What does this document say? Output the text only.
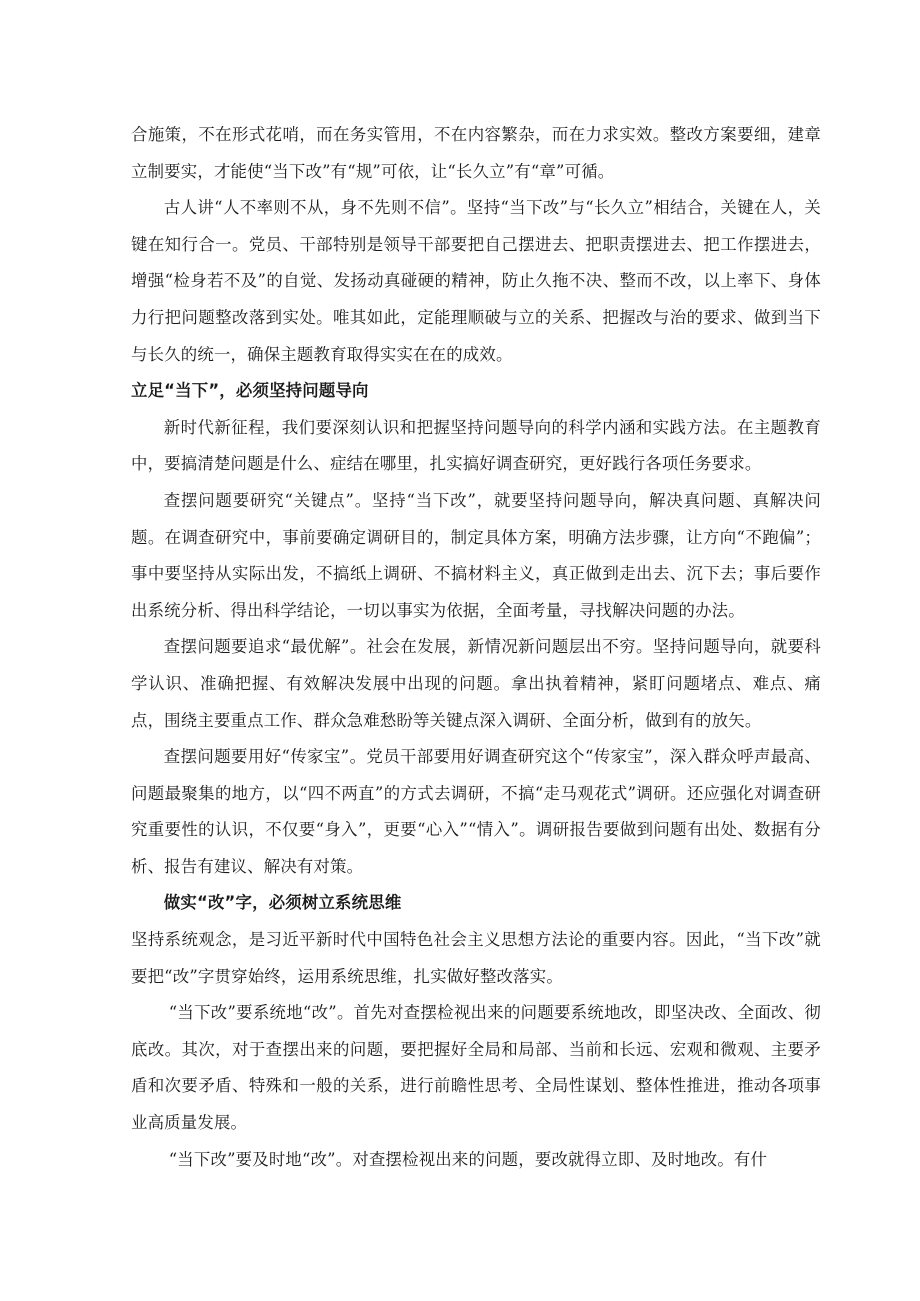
合施策，不在形式花哨，而在务实管用，不在内容繁杂，而在力求实效。整改方案要细，建章立制要实，才能使“当下改”有“规”可依，让“长久立”有“章”可循。

古人讲“人不率则不从，身不先则不信”。坚持“当下改”与“长久立”相结合，关键在人，关键在知行合一。党员、干部特别是领导干部要把自己摆进去、把职责摆进去、把工作摆进去，增强“检身若不及”的自觉、发扬动真碰硬的精神，防止久拖不决、整而不改，以上率下、身体力行把问题整改落到实处。唯其如此，定能理顺破与立的关系、把握改与治的要求、做到当下与长久的统一，确保主题教育取得实实在在的成效。

立足“当下”，必须坚持问题导向

新时代新征程，我们要深刻认识和把握坚持问题导向的科学内涵和实践方法。在主题教育中，要搞清楚问题是什么、症结在哪里，扎实搞好调查研究，更好践行各项任务要求。

查摆问题要研究“关键点”。坚持“当下改”，就要坚持问题导向，解决真问题、真解决问题。在调查研究中，事前要确定调研目的，制定具体方案，明确方法步骤，让方向“不跑偏”；事中要坚持从实际出发，不搞纸上调研、不搞材料主义，真正做到走出去、沉下去；事后要作出系统分析、得出科学结论，一切以事实为依据，全面考量，寻找解决问题的办法。

查摆问题要追求“最优解”。社会在发展，新情况新问题层出不穷。坚持问题导向，就要科学认识、准确把握、有效解决发展中出现的问题。拿出执着精神，紧盯问题堵点、难点、痛点，围绕主要重点工作、群众急难愁盼等关键点深入调研、全面分析，做到有的放矢。

查摆问题要用好“传家宝”。党员干部要用好调查研究这个“传家宝”，深入群众呼声最高、问题最聚集的地方，以“四不两直”的方式去调研，不搞“走马观花式”调研。还应强化对调查研究重要性的认识，不仅要“身入”，更要“心入”“情入”。调研报告要做到问题有出处、数据有分析、报告有建议、解决有对策。

做实“改”字，必须树立系统思维

坚持系统观念，是习近平新时代中国特色社会主义思想方法论的重要内容。因此，“当下改”就要把“改”字贯穿始终，运用系统思维，扎实做好整改落实。

“当下改”要系统地“改”。首先对查摆检视出来的问题要系统地改，即坚决改、全面改、彻底改。其次，对于查摆出来的问题，要把握好全局和局部、当前和长远、宏观和微观、主要矛盾和次要矛盾、特殊和一般的关系，进行前瞻性思考、全局性谋划、整体性推进，推动各项事业高质量发展。

“当下改”要及时地“改”。对查摆检视出来的问题，要改就得立即、及时地改。有什
